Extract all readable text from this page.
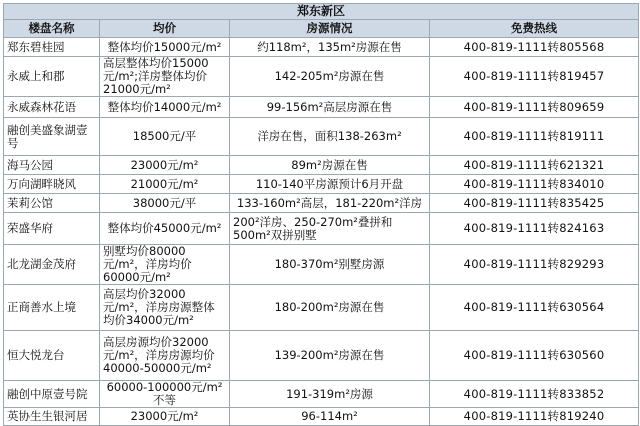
郑东新区			
楼盘名称	均价	房源情况	免费热线
郑东碧桂园	整体均价15000元/m²	约118m²，135m²房源在售	400-819-1111转805568
永威上和郡	高层整体均价15000元/m²;洋房整体均价21000元/m²	142-205m²房源在售	400-819-1111转819457
永威森林花语	整体均价14000元/m²	99-156m²高层房源在售	400-819-1111转809659
融创美盛象湖壹号	18500元/平	洋房在售，面积138-263m²	400-819-1111转819111
海马公园	23000元/m²	89m²房源在售	400-819-1111转621321
万向湖畔晓风	21000元/m²	110-140平房源预计6月开盘	400-819-1111转834010
茉莉公馆	38000元/平	133-160m²高层，181-220m²洋房	400-819-1111转835425
荣盛华府	整体均价45000元/m²	200²洋房、250-270m²叠拼和500m²双拼别墅	400-819-1111转824163
北龙湖金茂府	别墅均价80000元/m²，洋房均价60000元/m²	180-370m²别墅房源	400-819-1111转829293
正商善水上境	高层均价32000元/m²，洋房房源整体均价34000元/m²	180-200m²房源在售	400-819-1111转630564
恒大悦龙台	高层房源均价32000元/m²，洋房房源均价40000-50000元/m²	139-200m²房源在售	400-819-1111转630560
融创中原壹号院	60000-100000元/m²不等	191-319m²房源	400-819-1111转833852
英协生生银河居	23000元/m²	96-114m²	400-819-1111转819240
